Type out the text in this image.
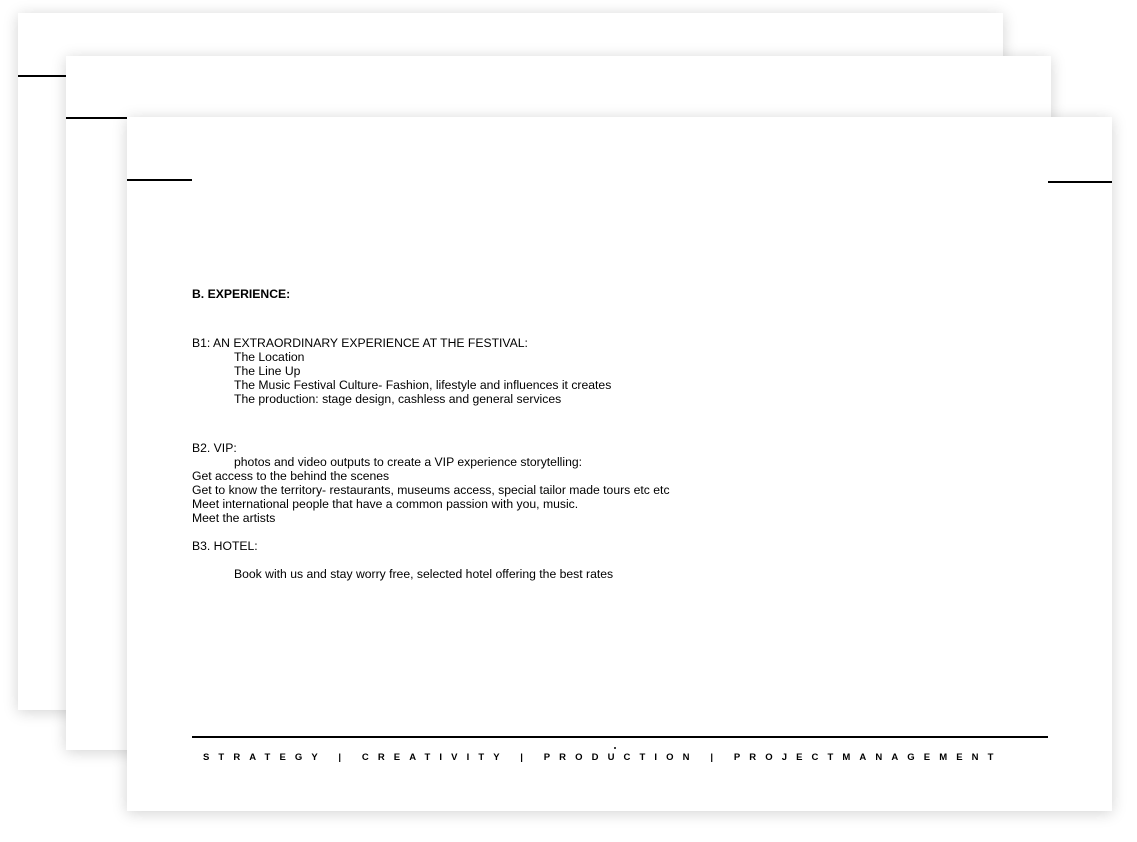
B. EXPERIENCE:

B1: AN EXTRAORDINARY EXPERIENCE AT THE FESTIVAL:

The Location

The Line Up

The Music Festival Culture- Fashion, lifestyle and influences it creates

The production: stage design, cashless and general services

B2. VIP:

photos and video outputs to create a VIP experience storytelling:

Get access to the behind the scenes

Get to know the territory- restaurants, museums access, special tailor made tours etc etc

Meet international people that have a common passion with you, music.

Meet the artists

B3. HOTEL:

Book with us and stay worry free, selected hotel offering the best rates

STRATEGY | CREATIVITY | PRODUCTION | PROJECTMANAGEMENT
